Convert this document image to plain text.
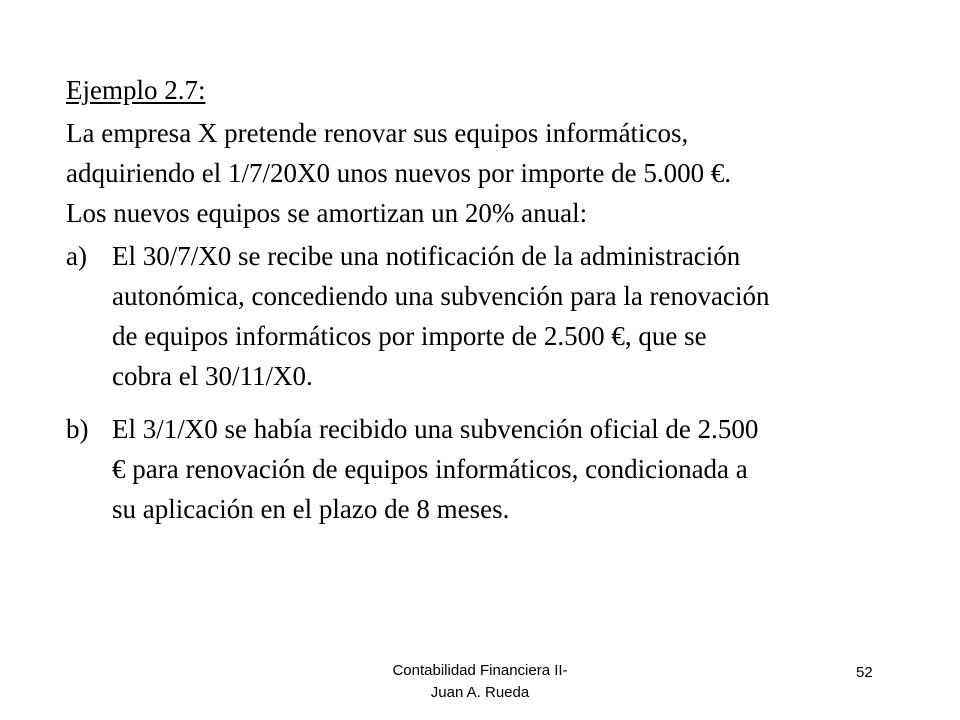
Ejemplo 2.7:
La empresa X pretende renovar sus equipos informáticos,
adquiriendo el 1/7/20X0 unos nuevos por importe de 5.000 €.
Los nuevos equipos se amortizan un 20% anual:
a) El 30/7/X0 se recibe una notificación de la administración
autonómica, concediendo una subvención para la renovación
de equipos informáticos por importe de 2.500 €, que se
cobra el 30/11/X0.
b) El 3/1/X0 se había recibido una subvención oficial de 2.500
€ para renovación de equipos informáticos, condicionada a
su aplicación en el plazo de 8 meses.
Contabilidad Financiera II-
Juan A. Rueda
52
